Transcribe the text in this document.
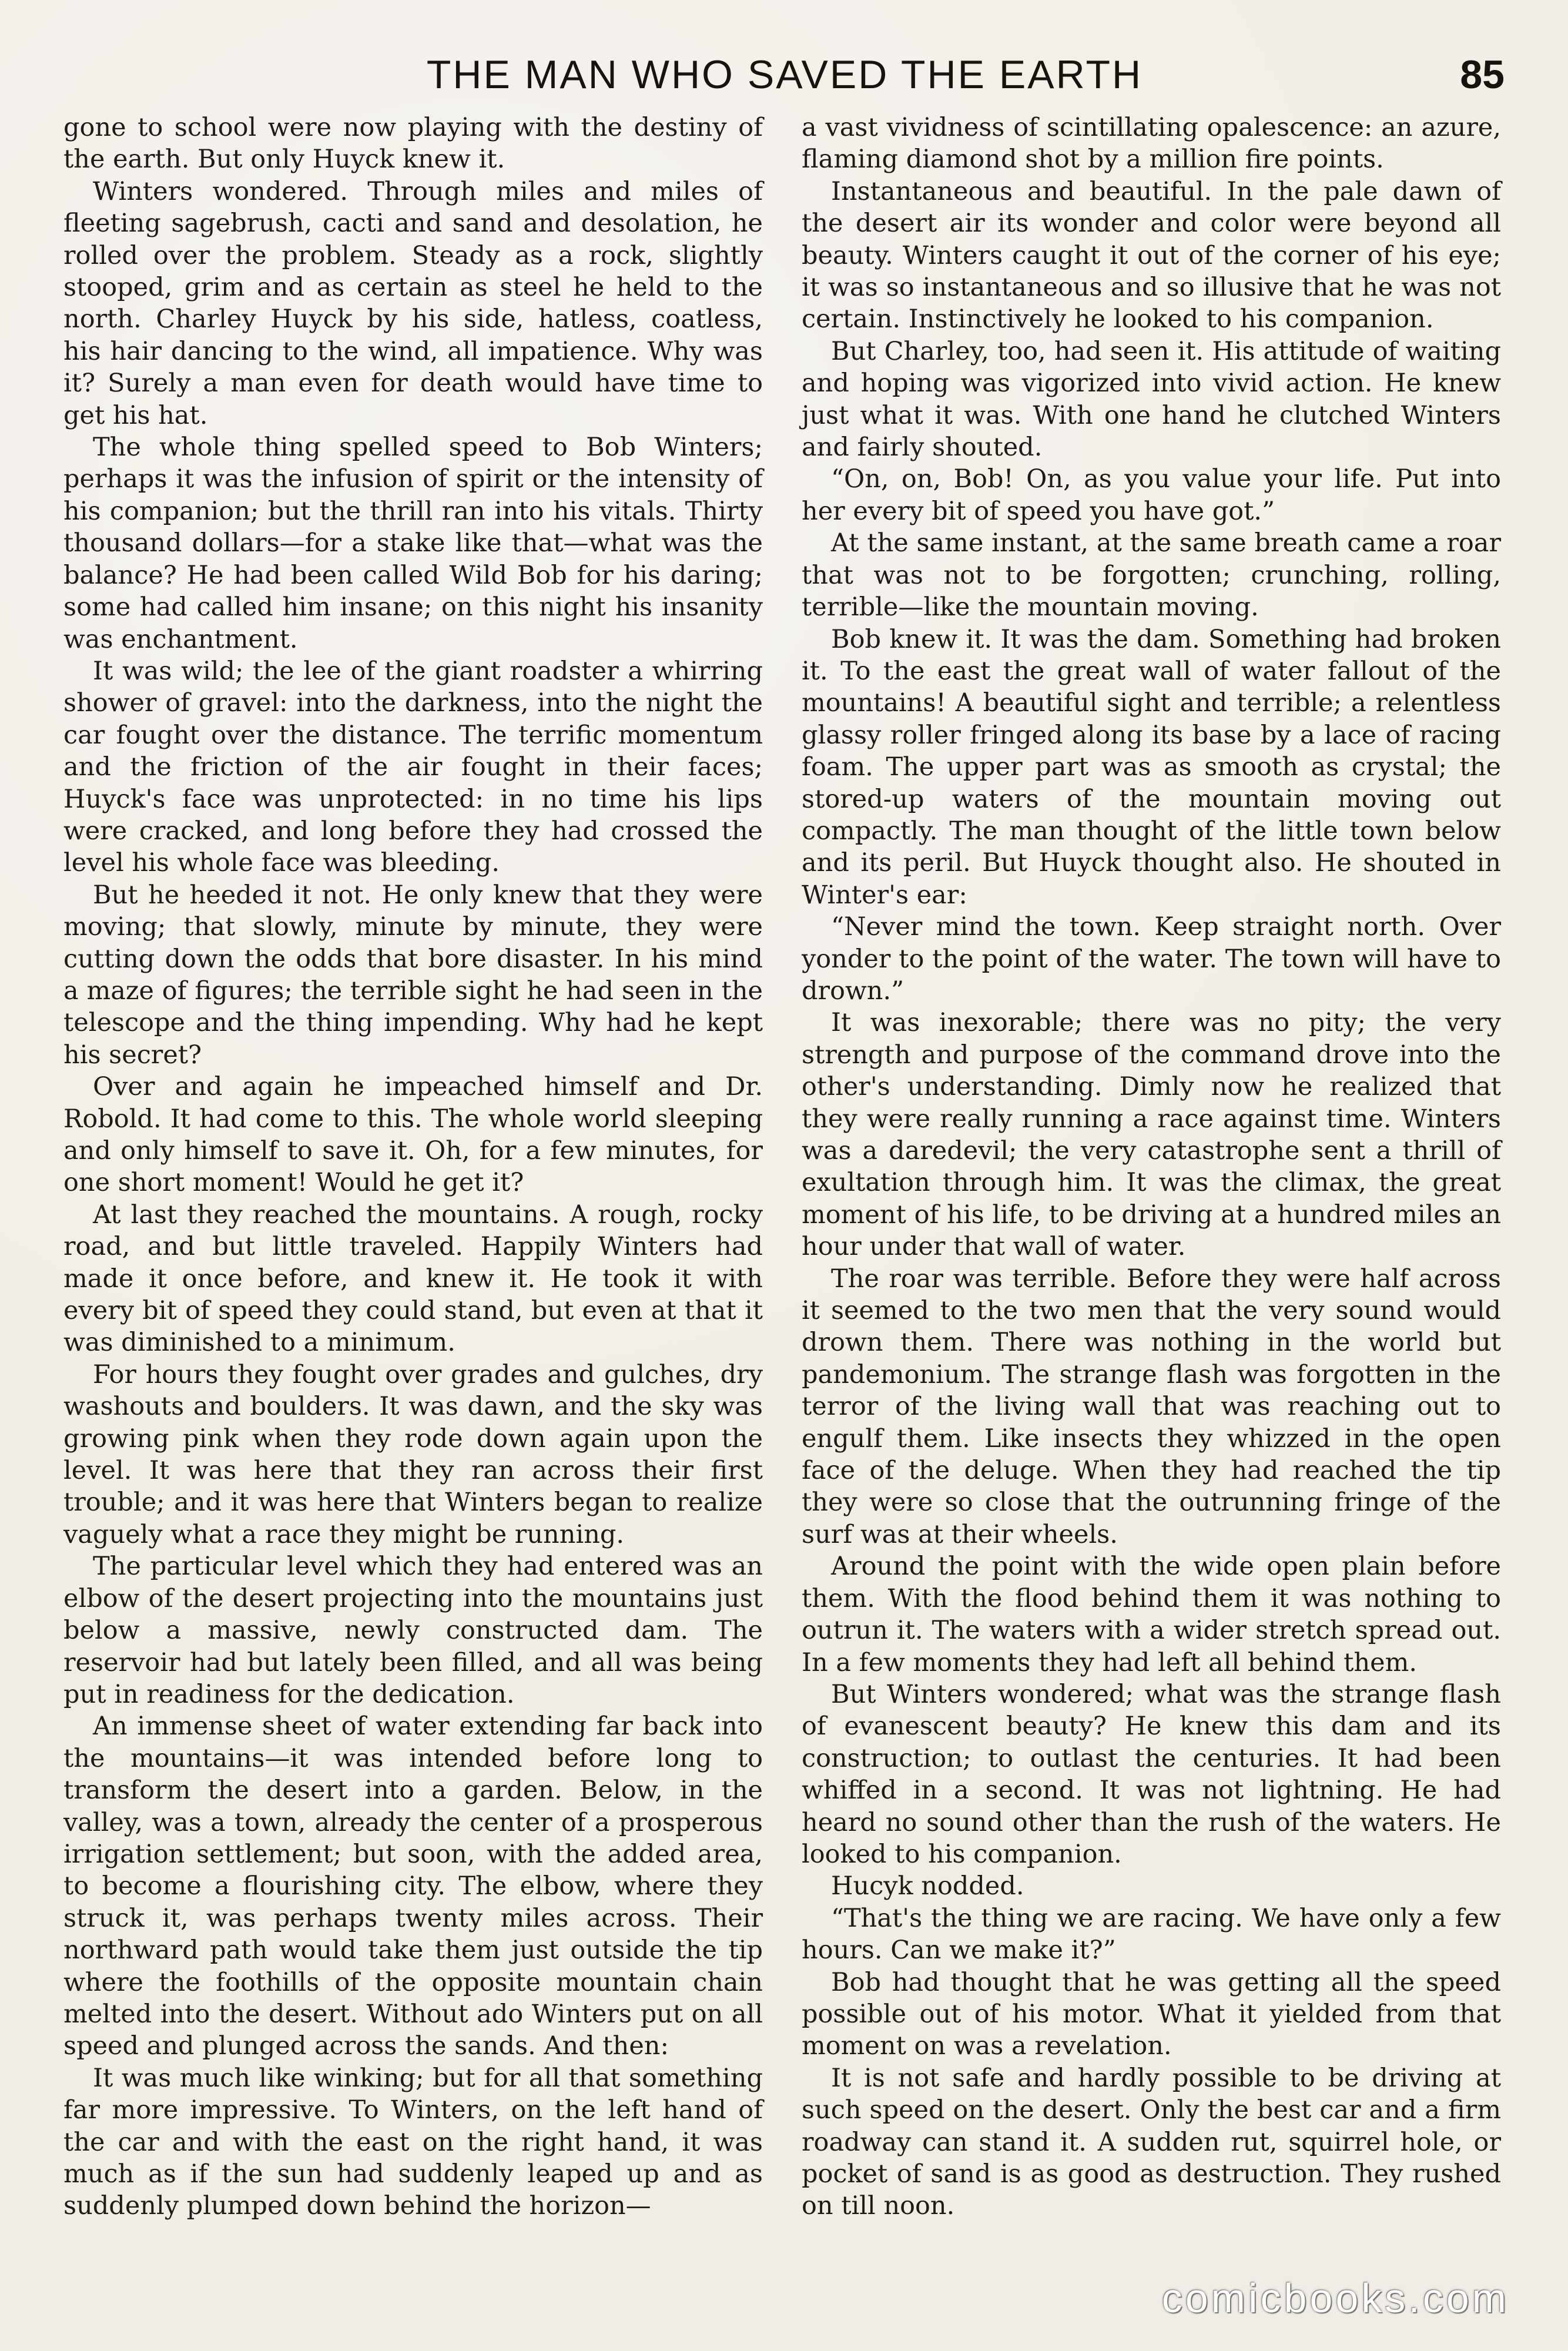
THE MAN WHO SAVED THE EARTH	85

gone to school were now playing with the destiny of the earth. But only Huyck knew it.

Winters wondered. Through miles and miles of fleeting sagebrush, cacti and sand and desolation, he rolled over the problem. Steady as a rock, slightly stooped, grim and as certain as steel he held to the north. Charley Huyck by his side, hatless, coatless, his hair dancing to the wind, all impatience. Why was it? Surely a man even for death would have time to get his hat.

The whole thing spelled speed to Bob Winters; perhaps it was the infusion of spirit or the intensity of his companion; but the thrill ran into his vitals. Thirty thousand dollars—for a stake like that—what was the balance? He had been called Wild Bob for his daring; some had called him insane; on this night his insanity was enchantment.

It was wild; the lee of the giant roadster a whirring shower of gravel: into the darkness, into the night the car fought over the distance. The terrific momentum and the friction of the air fought in their faces; Huyck's face was unprotected: in no time his lips were cracked, and long before they had crossed the level his whole face was bleeding.

But he heeded it not. He only knew that they were moving; that slowly, minute by minute, they were cutting down the odds that bore disaster. In his mind a maze of figures; the terrible sight he had seen in the telescope and the thing impending. Why had he kept his secret?

Over and again he impeached himself and Dr. Robold. It had come to this. The whole world sleeping and only himself to save it. Oh, for a few minutes, for one short moment! Would he get it?

At last they reached the mountains. A rough, rocky road, and but little traveled. Happily Winters had made it once before, and knew it. He took it with every bit of speed they could stand, but even at that it was diminished to a minimum.

For hours they fought over grades and gulches, dry washouts and boulders. It was dawn, and the sky was growing pink when they rode down again upon the level. It was here that they ran across their first trouble; and it was here that Winters began to realize vaguely what a race they might be running.

The particular level which they had entered was an elbow of the desert projecting into the mountains just below a massive, newly constructed dam. The reservoir had but lately been filled, and all was being put in readiness for the dedication.

An immense sheet of water extending far back into the mountains—it was intended before long to transform the desert into a garden. Below, in the valley, was a town, already the center of a prosperous irrigation settlement; but soon, with the added area, to become a flourishing city. The elbow, where they struck it, was perhaps twenty miles across. Their northward path would take them just outside the tip where the foothills of the opposite mountain chain melted into the desert. Without ado Winters put on all speed and plunged across the sands. And then:

It was much like winking; but for all that something far more impressive. To Winters, on the left hand of the car and with the east on the right hand, it was much as if the sun had suddenly leaped up and as suddenly plumped down behind the horizon—

a vast vividness of scintillating opalescence: an azure, flaming diamond shot by a million fire points.

Instantaneous and beautiful. In the pale dawn of the desert air its wonder and color were beyond all beauty. Winters caught it out of the corner of his eye; it was so instantaneous and so illusive that he was not certain. Instinctively he looked to his companion.

But Charley, too, had seen it. His attitude of waiting and hoping was vigorized into vivid action. He knew just what it was. With one hand he clutched Winters and fairly shouted.

“On, on, Bob! On, as you value your life. Put into her every bit of speed you have got.”

At the same instant, at the same breath came a roar that was not to be forgotten; crunching, rolling, terrible—like the mountain moving.

Bob knew it. It was the dam. Something had broken it. To the east the great wall of water fallout of the mountains! A beautiful sight and terrible; a relentless glassy roller fringed along its base by a lace of racing foam. The upper part was as smooth as crystal; the stored-up waters of the mountain moving out compactly. The man thought of the little town below and its peril. But Huyck thought also. He shouted in Winter's ear:

“Never mind the town. Keep straight north. Over yonder to the point of the water. The town will have to drown.”

It was inexorable; there was no pity; the very strength and purpose of the command drove into the other's understanding. Dimly now he realized that they were really running a race against time. Winters was a daredevil; the very catastrophe sent a thrill of exultation through him. It was the climax, the great moment of his life, to be driving at a hundred miles an hour under that wall of water.

The roar was terrible. Before they were half across it seemed to the two men that the very sound would drown them. There was nothing in the world but pandemonium. The strange flash was forgotten in the terror of the living wall that was reaching out to engulf them. Like insects they whizzed in the open face of the deluge. When they had reached the tip they were so close that the outrunning fringe of the surf was at their wheels.

Around the point with the wide open plain before them. With the flood behind them it was nothing to outrun it. The waters with a wider stretch spread out. In a few moments they had left all behind them.

But Winters wondered; what was the strange flash of evanescent beauty? He knew this dam and its construction; to outlast the centuries. It had been whiffed in a second. It was not lightning. He had heard no sound other than the rush of the waters. He looked to his companion.

Hucyk nodded.

“That's the thing we are racing. We have only a few hours. Can we make it?”

Bob had thought that he was getting all the speed possible out of his motor. What it yielded from that moment on was a revelation.

It is not safe and hardly possible to be driving at such speed on the desert. Only the best car and a firm roadway can stand it. A sudden rut, squirrel hole, or pocket of sand is as good as destruction. They rushed on till noon.

comicbooks.com
